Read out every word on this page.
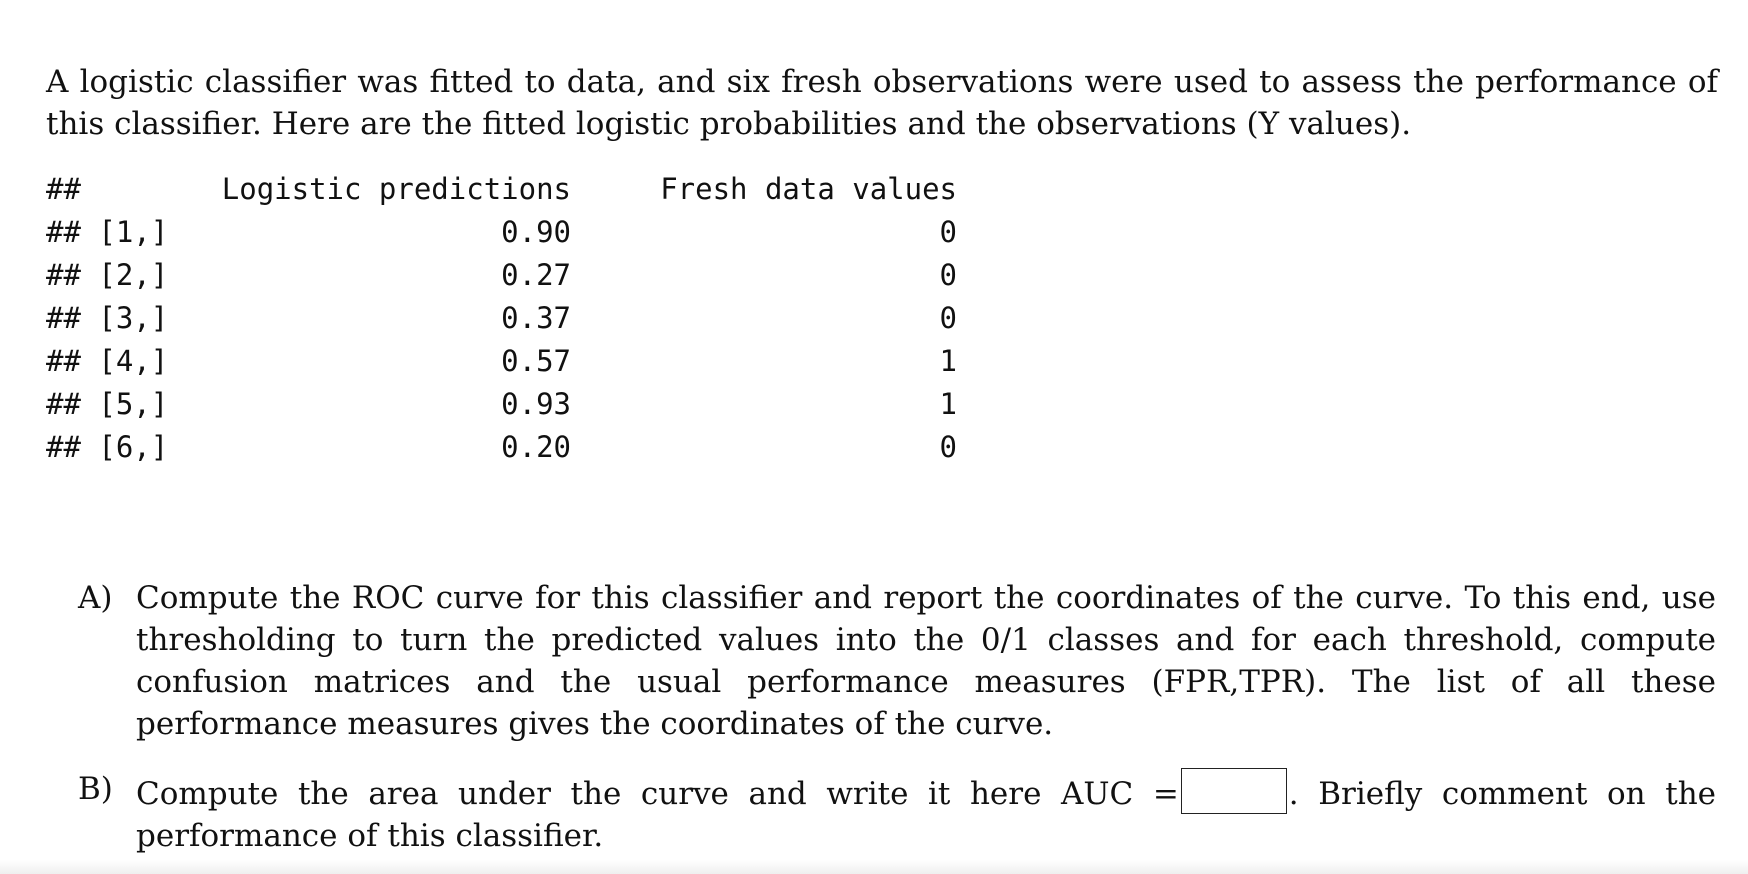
A logistic classifier was fitted to data, and six fresh observations were used to assess the performance of this classifier. Here are the fitted logistic probabilities and the observations (Y values).

##	Logistic predictions	Fresh data values
## [1,]	0.90	0
## [2,]	0.27	0
## [3,]	0.37	0
## [4,]	0.57	1
## [5,]	0.93	1
## [6,]	0.20	0
A) Compute the ROC curve for this classifier and report the coordinates of the curve. To this end, use thresholding to turn the predicted values into the 0/1 classes and for each threshold, compute confusion matrices and the usual performance measures (FPR,TPR). The list of all these performance measures gives the coordinates of the curve.

B) Compute the area under the curve and write it here AUC =	. Briefly comment on the performance of this classifier.
